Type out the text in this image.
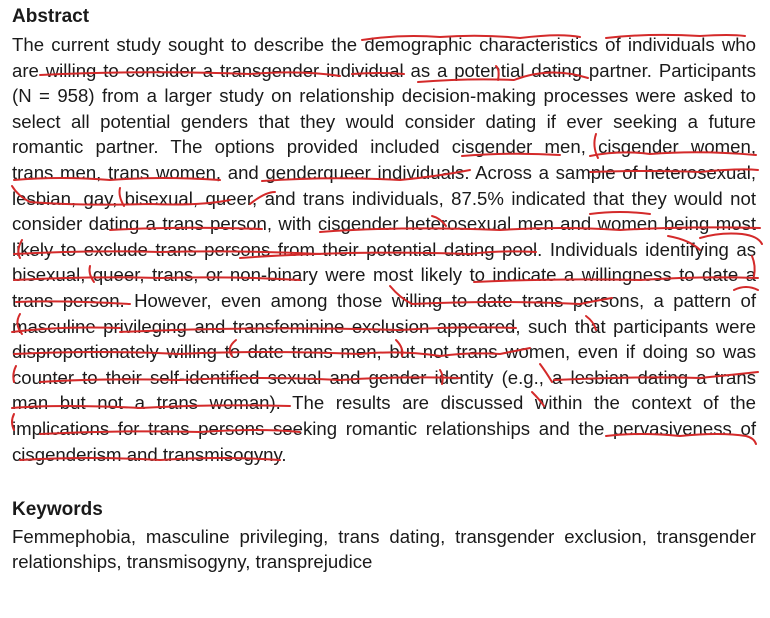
Abstract
The current study sought to describe the demographic characteristics of individuals who
are willing to consider a transgender individual as a potential dating partner. Participants
(N = 958) from a larger study on relationship decision-making processes were asked to
select all potential genders that they would consider dating if ever seeking a future
romantic partner. The options provided included cisgender men, cisgender women,
trans men, trans women, and genderqueer individuals. Across a sample of heterosexual,
lesbian, gay, bisexual, queer, and trans individuals, 87.5% indicated that they would not
consider dating a trans person, with cisgender heterosexual men and women being most
likely to exclude trans persons from their potential dating pool. Individuals identifying as
bisexual, queer, trans, or non-binary were most likely to indicate a willingness to date a
trans person. However, even among those willing to date trans persons, a pattern of
masculine privileging and transfeminine exclusion appeared, such that participants were
disproportionately willing to date trans men, but not trans women, even if doing so was
counter to their self-identified sexual and gender identity (e.g., a lesbian dating a trans
man but not a trans woman). The results are discussed within the context of the
implications for trans persons seeking romantic relationships and the pervasiveness of
cisgenderism and transmisogyny.
Keywords
Femmephobia, masculine privileging, trans dating, transgender exclusion, transgender
relationships, transmisogyny, transprejudice
